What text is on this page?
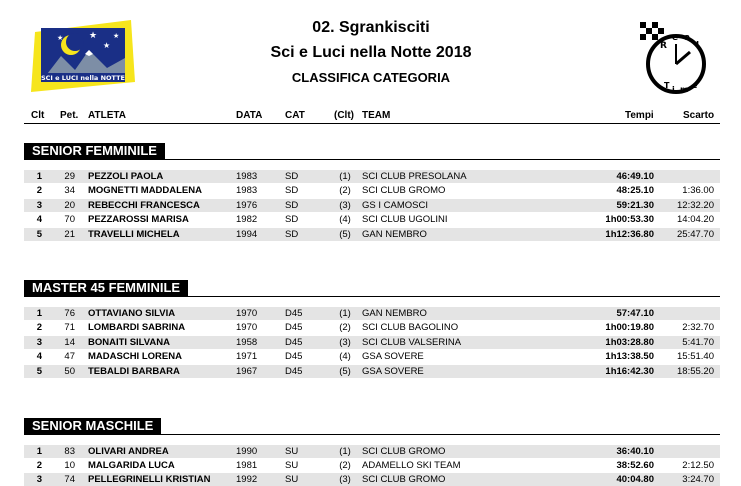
★
★
★	★
SCI e LUCI nella NOTTE
02. Sgrankisciti
Sci e Luci nella Notte 2018
CLASSIFICA CATEGORIA
R
e a
l
T i m e
Clt Pet. ATLETA	DATA CAT	(Clt) TEAM	Tempi	Scarto
SENIOR FEMMINILE
1	29 PEZZOLI PAOLA	1983	SD	(1)	SCI CLUB PRESOLANA	46:49.10
2	34 MOGNETTI MADDALENA	1983	SD	(2)	SCI CLUB GROMO	48:25.10	1:36.00
3	20 REBECCHI FRANCESCA	1976	SD	(3)	GS I CAMOSCI	59:21.30	12:32.20
4	70 PEZZAROSSI MARISA	1982	SD	(4)	SCI CLUB UGOLINI	1h00:53.30	14:04.20
5	21 TRAVELLI MICHELA	1994	SD	(5)	GAN NEMBRO	1h12:36.80	25:47.70
MASTER 45 FEMMINILE
1	76 OTTAVIANO SILVIA	1970	D45	(1)	GAN NEMBRO	57:47.10
2	71 LOMBARDI SABRINA	1970	D45	(2)	SCI CLUB BAGOLINO	1h00:19.80	2:32.70
3	14 BONAITI SILVANA	1958	D45	(3)	SCI CLUB VALSERINA	1h03:28.80	5:41.70
4	47 MADASCHI LORENA	1971	D45	(4)	GSA SOVERE	1h13:38.50	15:51.40
5	50 TEBALDI BARBARA	1967	D45	(5)	GSA SOVERE	1h16:42.30	18:55.20
SENIOR MASCHILE
1	83 OLIVARI ANDREA	1990	SU	(1)	SCI CLUB GROMO	36:40.10
2	10 MALGARIDA LUCA	1981	SU	(2)	ADAMELLO SKI TEAM	38:52.60	2:12.50
3	74 PELLEGRINELLI KRISTIAN	1992	SU	(3)	SCI CLUB GROMO	40:04.80	3:24.70
